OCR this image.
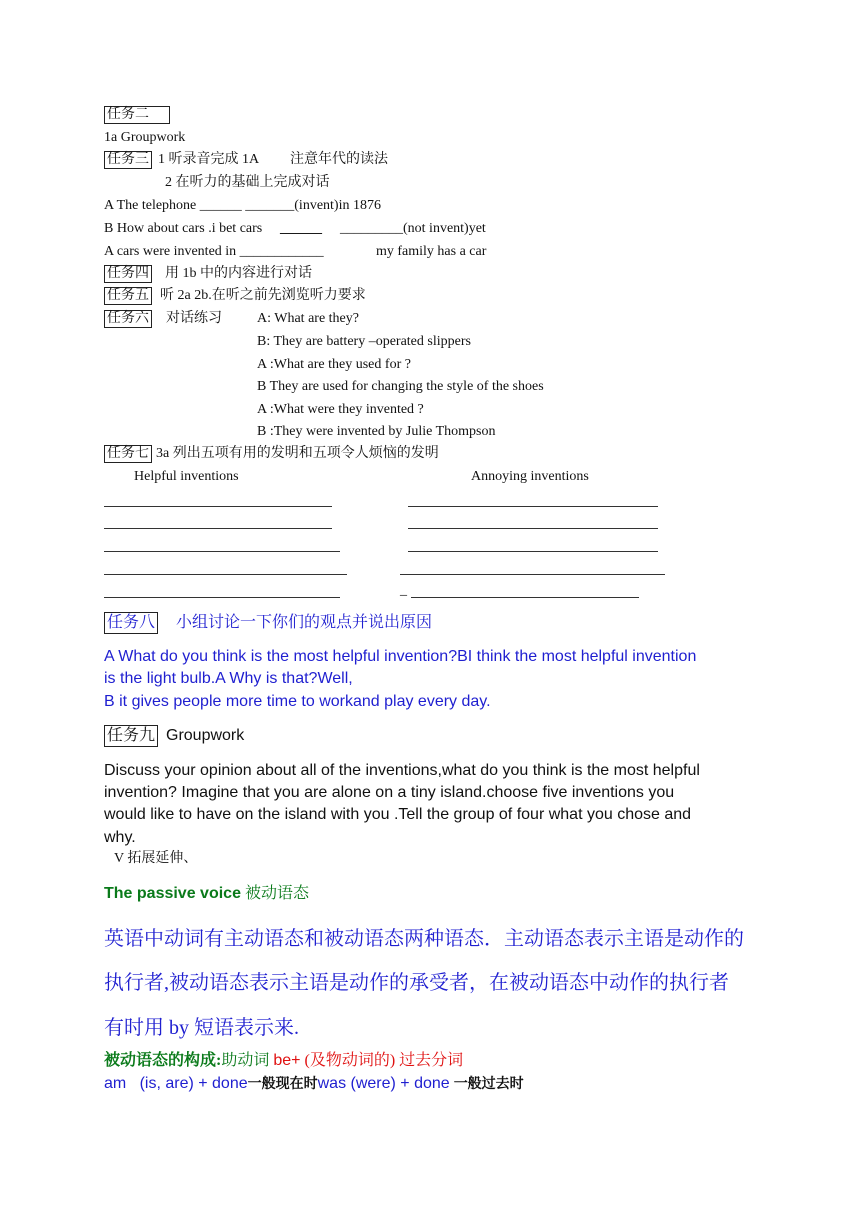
任务二
1a Groupwork
任务三 1 听录音完成 1A 注意年代的读法
2 在听力的基础上完成对话
A The telephone ______ _______(invent)in 1876
B How about cars .i bet cars ______ _________(not invent)yet
A cars were invented in ____________	my family has a car
任务四 用 1b 中的内容进行对话
任务五 听 2a 2b.在听之前先浏览听力要求
任务六 对话练习	A: What are they?
B: They are battery –operated slippers
A :What are they used for ?
B They are used for changing the style of the shoes
A :What were they invented ?
B :They were invented by Julie Thompson
任务七 3a 列出五项有用的发明和五项令人烦恼的发明
Helpful inventions	Annoying inventions
_
任务八 小组讨论一下你们的观点并说出原因
A What do you think is the most helpful invention?BI think the most helpful invention
is the light bulb.A Why is that?Well,
B it gives people more time to workand play every day.
任务九 Groupwork
Discuss your opinion about all of the inventions,what do you think is the most helpful
invention? Imagine that you are alone on a tiny island.choose five inventions you
would like to have on the island with you .Tell the group of four what you chose and
why.
V 拓展延伸、
The passive voice 被动语态
英语中动词有主动语态和被动语态两种语态．主动语态表示主语是动作的
执行者,被动语态表示主语是动作的承受者，在被动语态中动作的执行者
有时用 by 短语表示来.
被动语态的构成:助动词 be+ (及物动词的) 过去分词
am   (is, are) + done一般现在时was (were) + done 一般过去时
